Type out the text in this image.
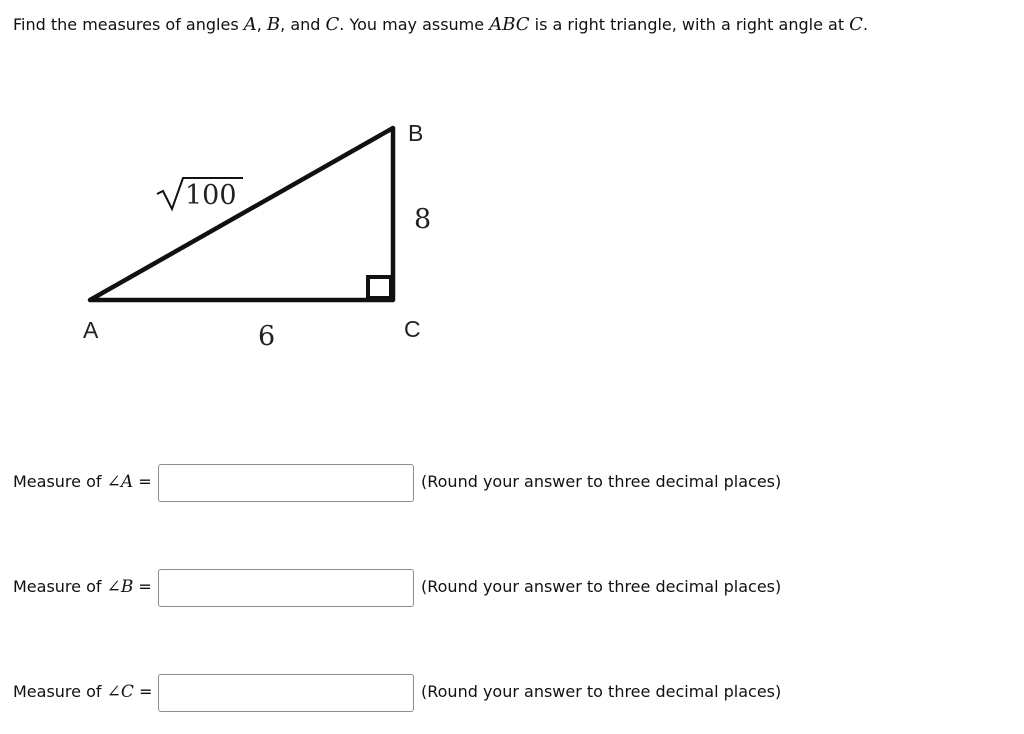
Find the measures of angles A, B, and C. You may assume ABC is a right triangle, with a right angle at C.
A
B
C
100
8
6
Measure of ∠A =	(Round your answer to three decimal places)
Measure of ∠B =	(Round your answer to three decimal places)
Measure of ∠C =	(Round your answer to three decimal places)
